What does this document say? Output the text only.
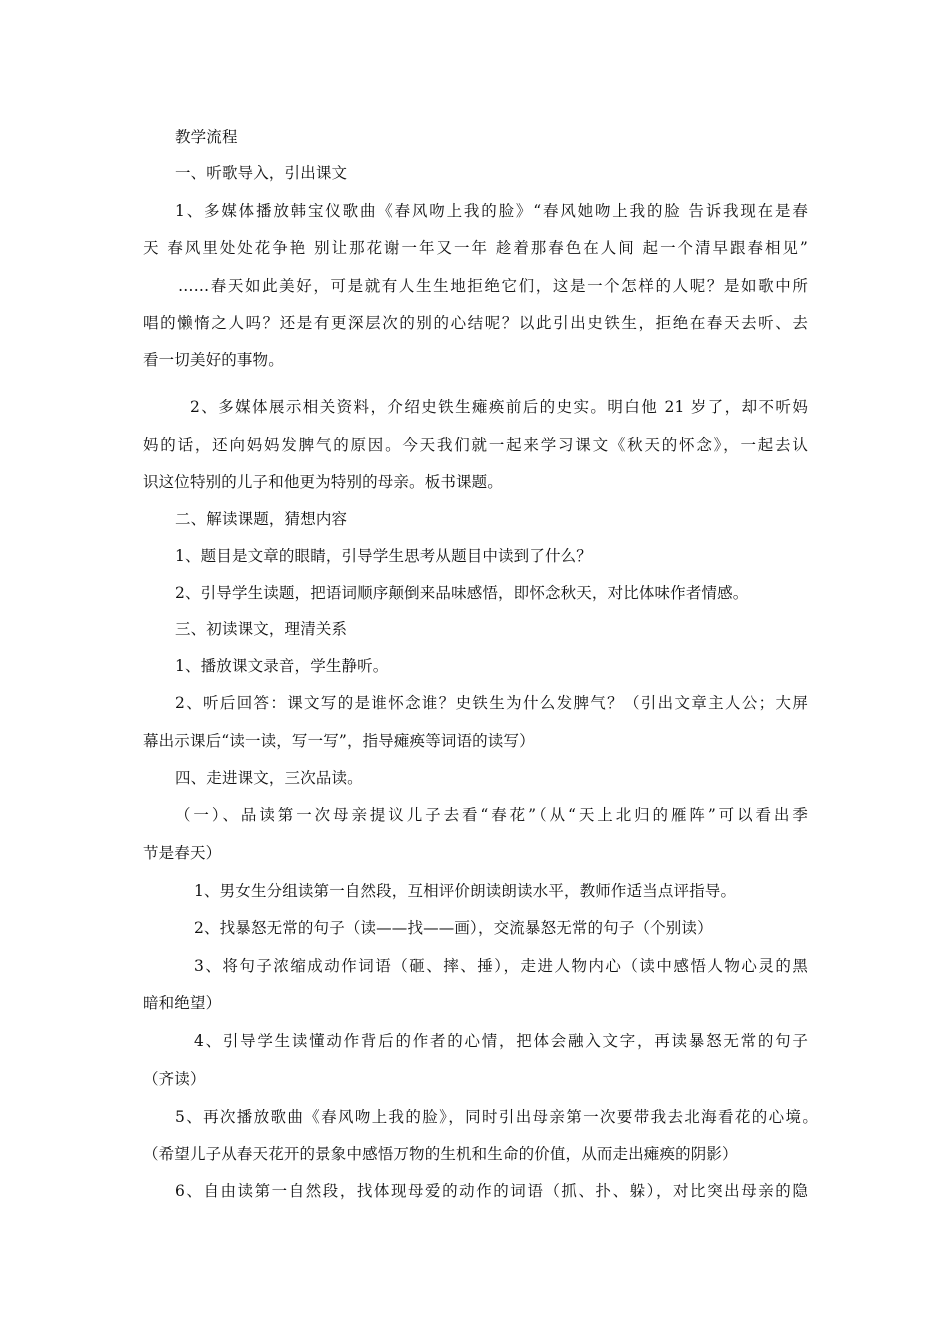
教学流程
一、听歌导入，引出课文
1、多媒体播放韩宝仪歌曲《春风吻上我的脸》“春风她吻上我的脸 告诉我现在是春
天 春风里处处花争艳 别让那花谢一年又一年 趁着那春色在人间 起一个清早跟春相见”
……春天如此美好，可是就有人生生地拒绝它们，这是一个怎样的人呢？是如歌中所
唱的懒惰之人吗？还是有更深层次的别的心结呢？以此引出史铁生，拒绝在春天去听、去
看一切美好的事物。
2、多媒体展示相关资料，介绍史铁生瘫痪前后的史实。明白他 21 岁了，却不听妈
妈的话，还向妈妈发脾气的原因。今天我们就一起来学习课文《秋天的怀念》，一起去认
识这位特别的儿子和他更为特别的母亲。板书课题。
二、解读课题，猜想内容
1、题目是文章的眼睛，引导学生思考从题目中读到了什么？
2、引导学生读题，把语词顺序颠倒来品味感悟，即怀念秋天，对比体味作者情感。
三、初读课文，理清关系
1、播放课文录音，学生静听。
2、听后回答：课文写的是谁怀念谁？史铁生为什么发脾气？（引出文章主人公；大屏
幕出示课后“读一读，写一写”，指导瘫痪等词语的读写）
四、走进课文，三次品读。
（一）、品读第一次母亲提议儿子去看“春花”（从“天上北归的雁阵”可以看出季
节是春天）
1、男女生分组读第一自然段，互相评价朗读朗读水平，教师作适当点评指导。
2、找暴怒无常的句子（读——找——画），交流暴怒无常的句子（个别读）
3、将句子浓缩成动作词语（砸、摔、捶），走进人物内心（读中感悟人物心灵的黑
暗和绝望）
4、引导学生读懂动作背后的作者的心情，把体会融入文字，再读暴怒无常的句子
（齐读）
5、再次播放歌曲《春风吻上我的脸》，同时引出母亲第一次要带我去北海看花的心境。
（希望儿子从春天花开的景象中感悟万物的生机和生命的价值，从而走出瘫痪的阴影）
6、自由读第一自然段，找体现母爱的动作的词语（抓、扑、躲），对比突出母亲的隐
